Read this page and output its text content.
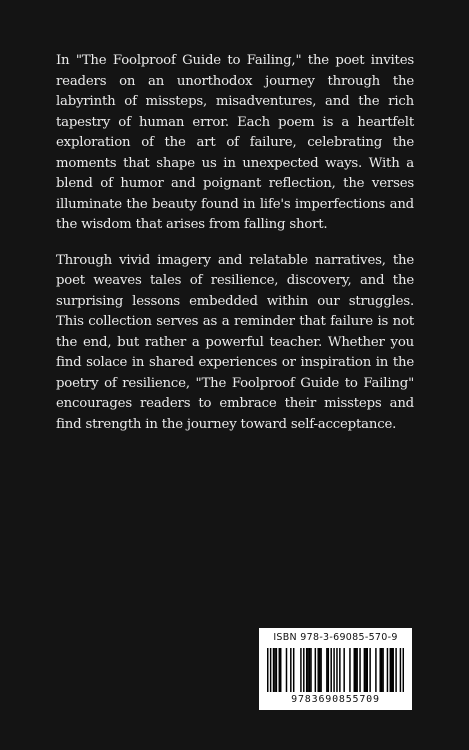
In "The Foolproof Guide to Failing," the poet invites readers on an unorthodox journey through the labyrinth of missteps, misadventures, and the rich tapestry of human error. Each poem is a heartfelt exploration of the art of failure, celebrating the moments that shape us in unexpected ways. With a blend of humor and poignant reflection, the verses illuminate the beauty found in life's imperfections and the wisdom that arises from falling short.

Through vivid imagery and relatable narratives, the poet weaves tales of resilience, discovery, and the surprising lessons embedded within our struggles. This collection serves as a reminder that failure is not the end, but rather a powerful teacher. Whether you find solace in shared experiences or inspiration in the poetry of resilience, "The Foolproof Guide to Failing" encourages readers to embrace their missteps and find strength in the journey toward self-acceptance.

ISBN 978-3-69085-570-9
9783690855709
